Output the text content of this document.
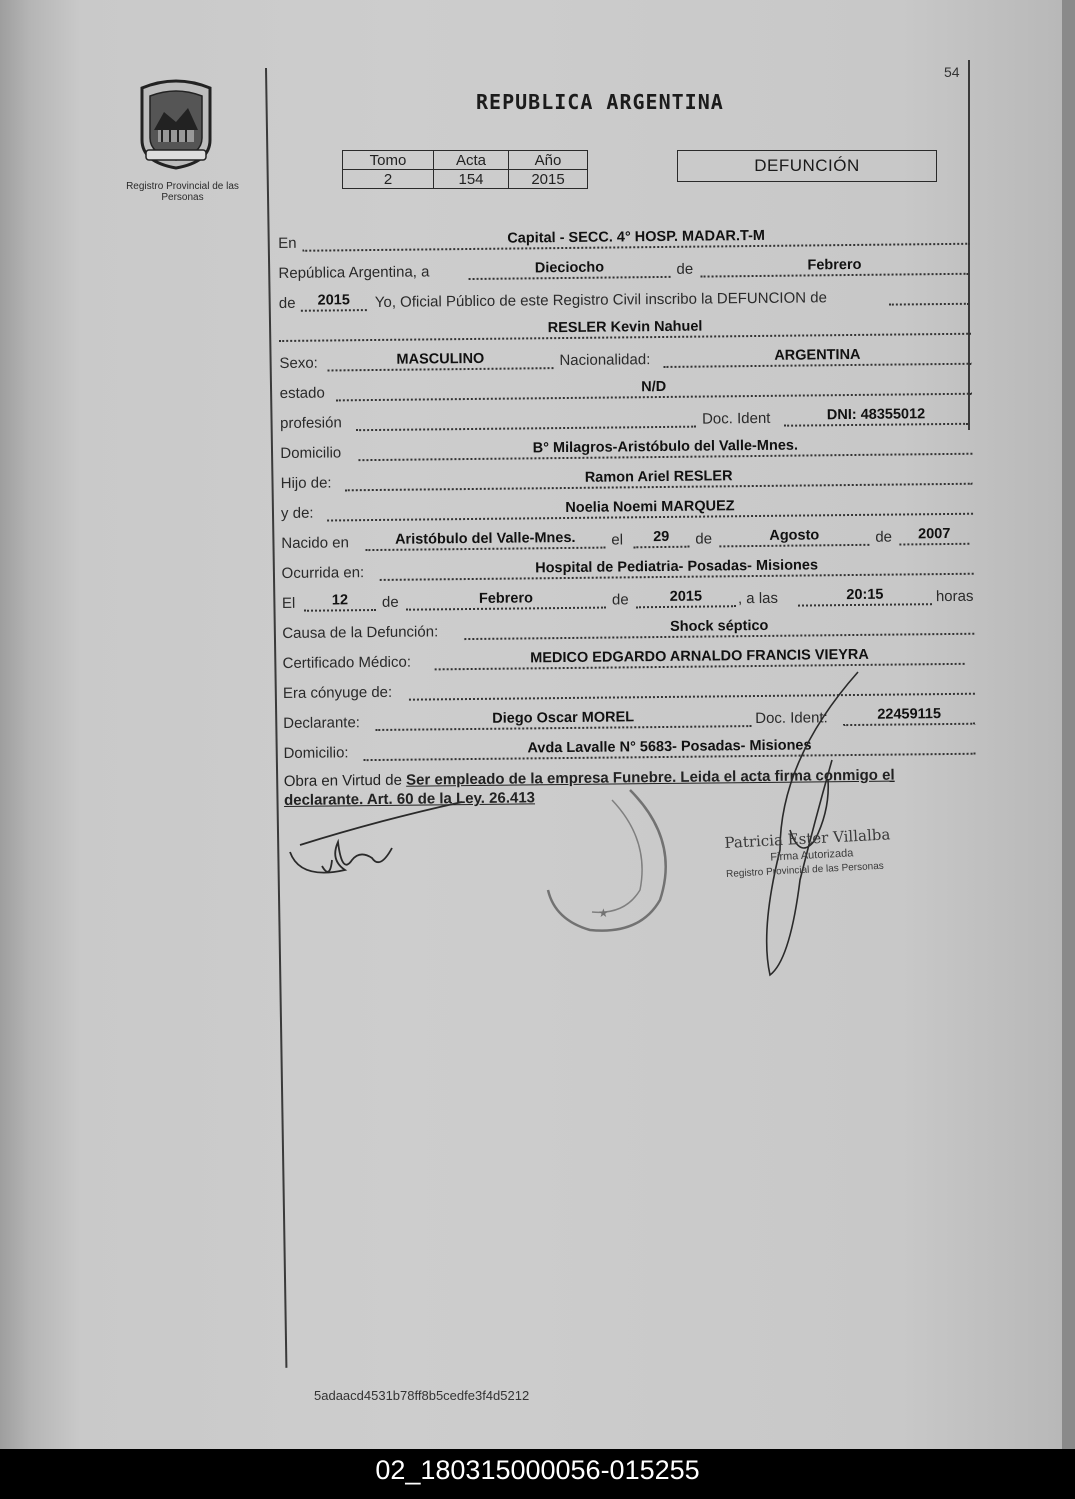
Registro Provincial de las Personas
54
REPUBLICA ARGENTINA
Tomo	Acta	Año
2	154	2015
DEFUNCIÓN
En	Capital - SECC. 4° HOSP. MADAR.T-M
República Argentina, a	Dieciocho	de	Febrero
de	2015	Yo, Oficial Público de este Registro Civil inscribo la DEFUNCION de
RESLER Kevin Nahuel
Sexo:	MASCULINO	Nacionalidad:	ARGENTINA
estado	N/D
profesión	Doc. Ident	DNI: 48355012
Domicilio	B° Milagros-Aristóbulo del Valle-Mnes.
Hijo de:	Ramon Ariel RESLER
y de:	Noelia Noemi MARQUEZ
Nacido en	Aristóbulo del Valle-Mnes.	el	29	de	Agosto	de	2007
Ocurrida en:	Hospital de Pediatria- Posadas- Misiones
El	12	de	Febrero	de	2015	, a las	20:15	horas
Causa de la Defunción:	Shock séptico
Certificado Médico:	MEDICO EDGARDO ARNALDO FRANCIS VIEYRA
Era cónyuge de:
Declarante:	Diego Oscar MOREL	Doc. Ident:	22459115
Domicilio:	Avda Lavalle N° 5683- Posadas- Misiones
Obra en Virtud de Ser empleado de la empresa Funebre. Leida el acta firma conmigo el
declarante. Art. 60 de la Ley. 26.413
★
Patricia Ester Villalba
Firma Autorizada
Registro Provincial de las Personas
5adaacd4531b78ff8b5cedfe3f4d5212
02_180315000056-015255
